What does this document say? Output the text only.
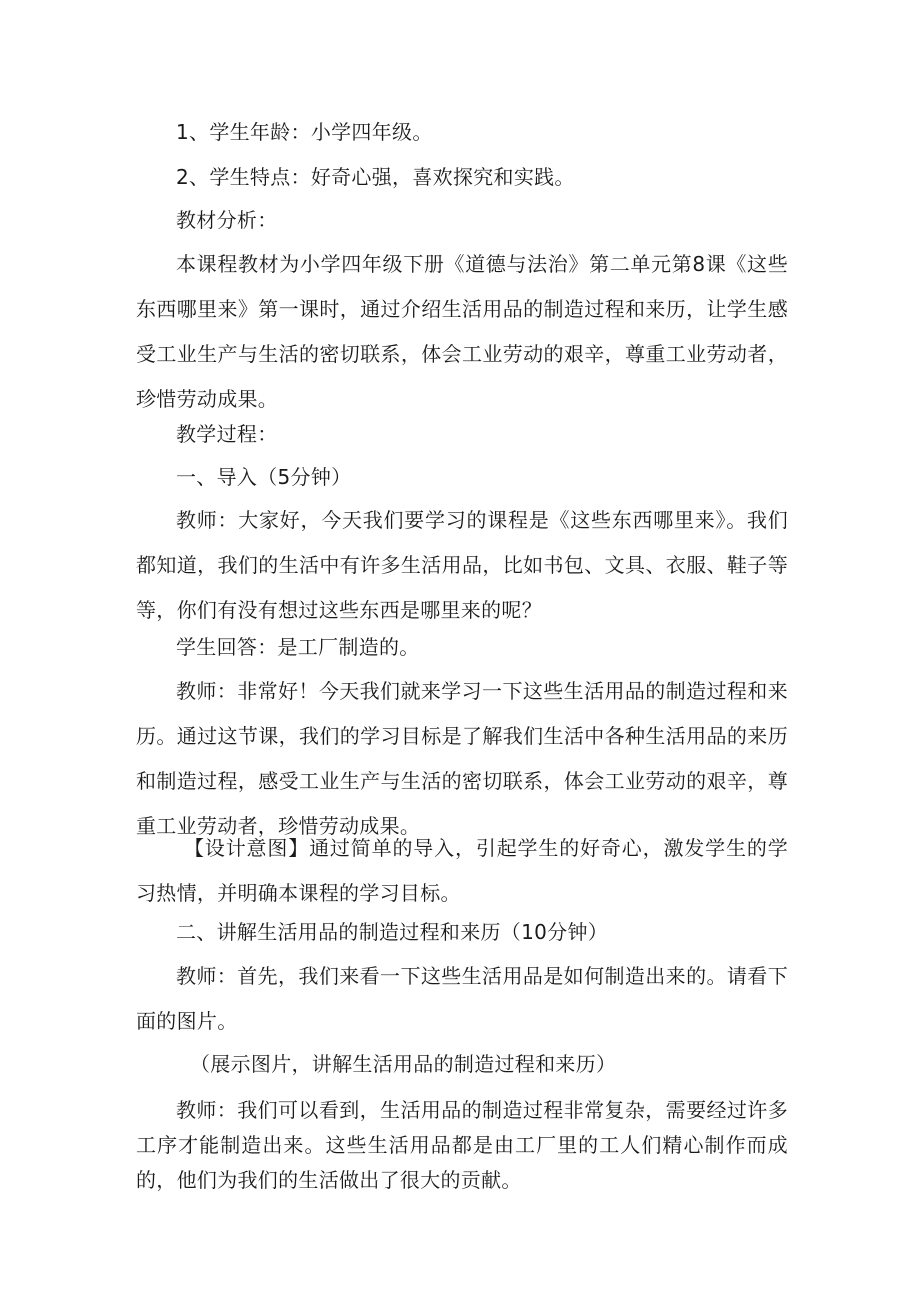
1、学生年龄：小学四年级。

2、学生特点：好奇心强，喜欢探究和实践。

教材分析：

本课程教材为小学四年级下册《道德与法治》第二单元第8课《这些东西哪里来》第一课时，通过介绍生活用品的制造过程和来历，让学生感受工业生产与生活的密切联系，体会工业劳动的艰辛，尊重工业劳动者，珍惜劳动成果。

教学过程：

一、导入（5分钟）

教师：大家好，今天我们要学习的课程是《这些东西哪里来》。我们都知道，我们的生活中有许多生活用品，比如书包、文具、衣服、鞋子等等，你们有没有想过这些东西是哪里来的呢？

学生回答：是工厂制造的。

教师：非常好！今天我们就来学习一下这些生活用品的制造过程和来历。通过这节课，我们的学习目标是了解我们生活中各种生活用品的来历和制造过程，感受工业生产与生活的密切联系，体会工业劳动的艰辛，尊重工业劳动者，珍惜劳动成果。

【设计意图】通过简单的导入，引起学生的好奇心，激发学生的学习热情，并明确本课程的学习目标。

二、讲解生活用品的制造过程和来历（10分钟）

教师：首先，我们来看一下这些生活用品是如何制造出来的。请看下面的图片。

（展示图片，讲解生活用品的制造过程和来历）

教师：我们可以看到，生活用品的制造过程非常复杂，需要经过许多工序才能制造出来。这些生活用品都是由工厂里的工人们精心制作而成的，他们为我们的生活做出了很大的贡献。
